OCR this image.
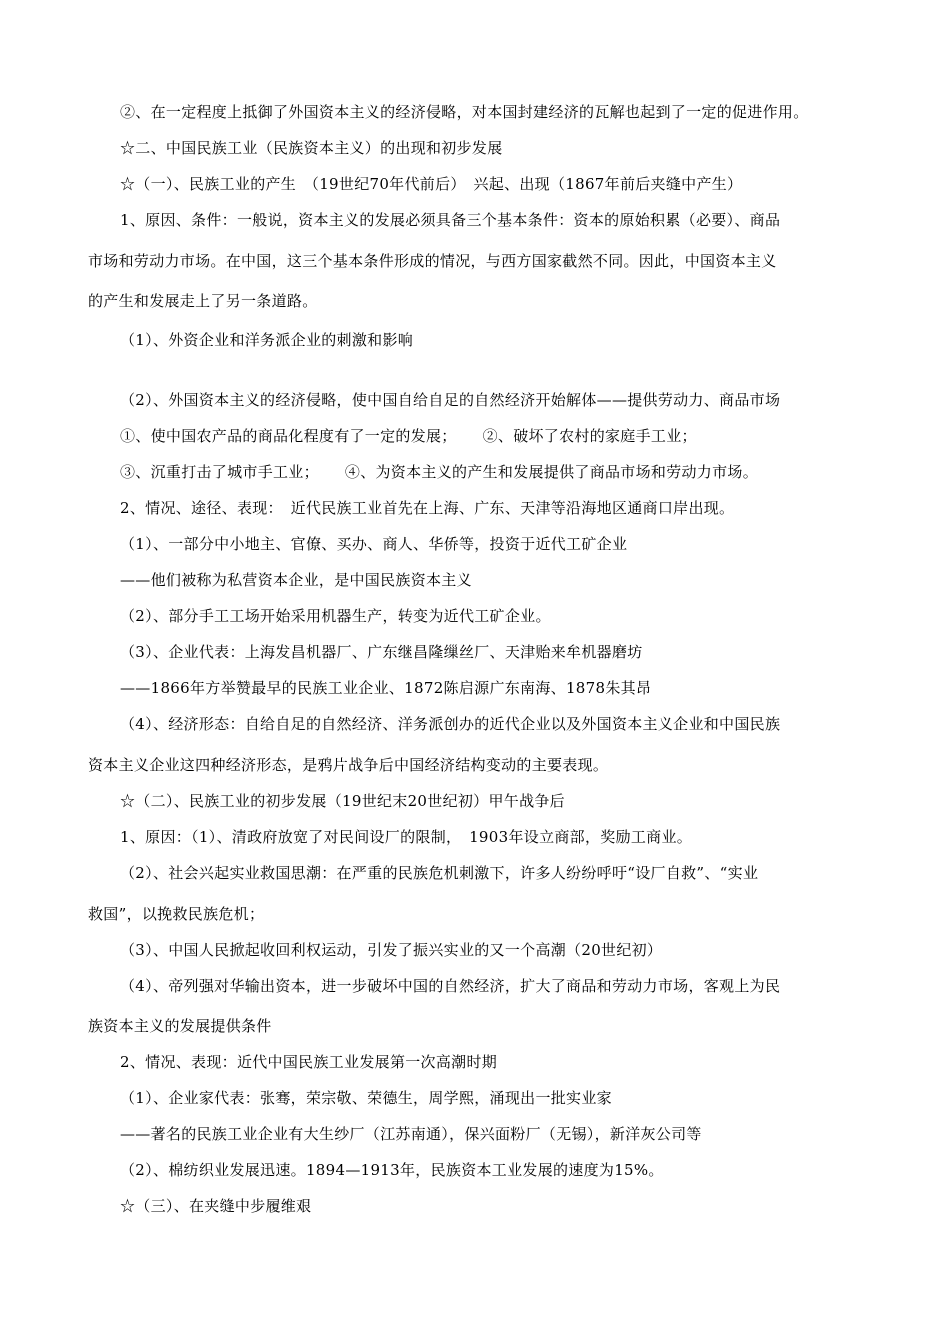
②、在一定程度上抵御了外国资本主义的经济侵略，对本国封建经济的瓦解也起到了一定的促进作用。
☆二、中国民族工业（民族资本主义）的出现和初步发展
☆（一）、民族工业的产生　（19世纪70年代前后）　兴起、出现（1867年前后夹缝中产生）
1、原因、条件：一般说，资本主义的发展必须具备三个基本条件：资本的原始积累（必要）、商品
市场和劳动力市场。在中国，这三个基本条件形成的情况，与西方国家截然不同。因此，中国资本主义
的产生和发展走上了另一条道路。
（1）、外资企业和洋务派企业的刺激和影响
（2）、外国资本主义的经济侵略，使中国自给自足的自然经济开始解体——提供劳动力、商品市场
①、使中国农产品的商品化程度有了一定的发展； ②、破坏了农村的家庭手工业；
③、沉重打击了城市手工业； ④、为资本主义的产生和发展提供了商品市场和劳动力市场。
2、情况、途径、表现：　近代民族工业首先在上海、广东、天津等沿海地区通商口岸出现。
（1）、一部分中小地主、官僚、买办、商人、华侨等，投资于近代工矿企业
——他们被称为私营资本企业，是中国民族资本主义
（2）、部分手工工场开始采用机器生产，转变为近代工矿企业。
（3）、企业代表：上海发昌机器厂、广东继昌隆缫丝厂、天津贻来牟机器磨坊
——1866年方举赞最早的民族工业企业、1872陈启源广东南海、1878朱其昂
（4）、经济形态：自给自足的自然经济、洋务派创办的近代企业以及外国资本主义企业和中国民族
资本主义企业这四种经济形态，是鸦片战争后中国经济结构变动的主要表现。
☆（二）、民族工业的初步发展（19世纪末20世纪初）甲午战争后
1、原因：（1）、清政府放宽了对民间设厂的限制，　1903年设立商部，奖励工商业。
（2）、社会兴起实业救国思潮：在严重的民族危机刺激下，许多人纷纷呼吁“设厂自救”、“实业
救国”，以挽救民族危机；
（3）、中国人民掀起收回利权运动，引发了振兴实业的又一个高潮（20世纪初）
（4）、帝列强对华输出资本，进一步破坏中国的自然经济，扩大了商品和劳动力市场，客观上为民
族资本主义的发展提供条件
2、情况、表现：近代中国民族工业发展第一次高潮时期
（1）、企业家代表：张骞，荣宗敬、荣德生，周学熙，涌现出一批实业家
——著名的民族工业企业有大生纱厂（江苏南通），保兴面粉厂（无锡），新洋灰公司等
（2）、棉纺织业发展迅速。1894—1913年，民族资本工业发展的速度为15%。
☆（三）、在夹缝中步履维艰
